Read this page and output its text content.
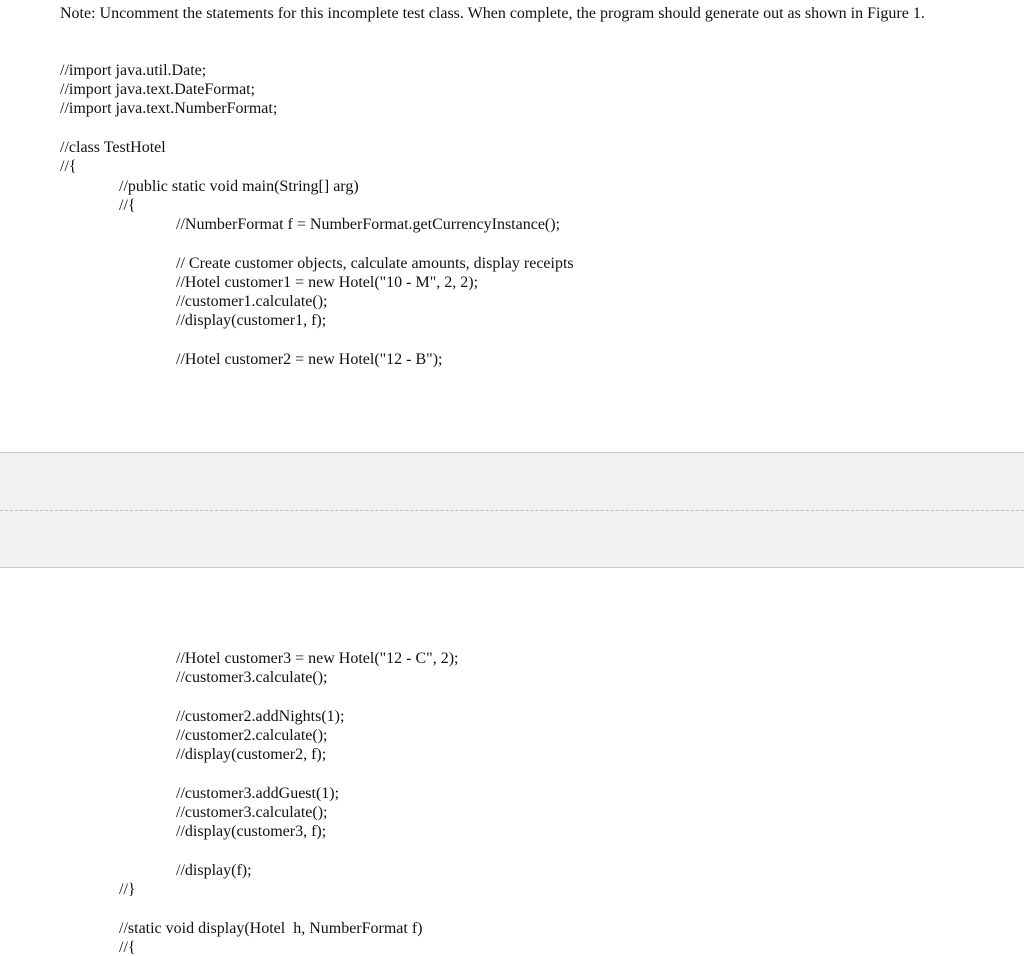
Note: Uncomment the statements for this incomplete test class. When complete, the program should generate out as shown in Figure 1.
//import java.util.Date;
//import java.text.DateFormat;
//import java.text.NumberFormat;
//class TestHotel
//{
//public static void main(String[] arg)
//{
//NumberFormat f = NumberFormat.getCurrencyInstance();
// Create customer objects, calculate amounts, display receipts
//Hotel customer1 = new Hotel("10 - M", 2, 2);
//customer1.calculate();
//display(customer1, f);
//Hotel customer2 = new Hotel("12 - B");
//Hotel customer3 = new Hotel("12 - C", 2);
//customer3.calculate();
//customer2.addNights(1);
//customer2.calculate();
//display(customer2, f);
//customer3.addGuest(1);
//customer3.calculate();
//display(customer3, f);
//display(f);
//}
//static void display(Hotel  h, NumberFormat f)
//{
